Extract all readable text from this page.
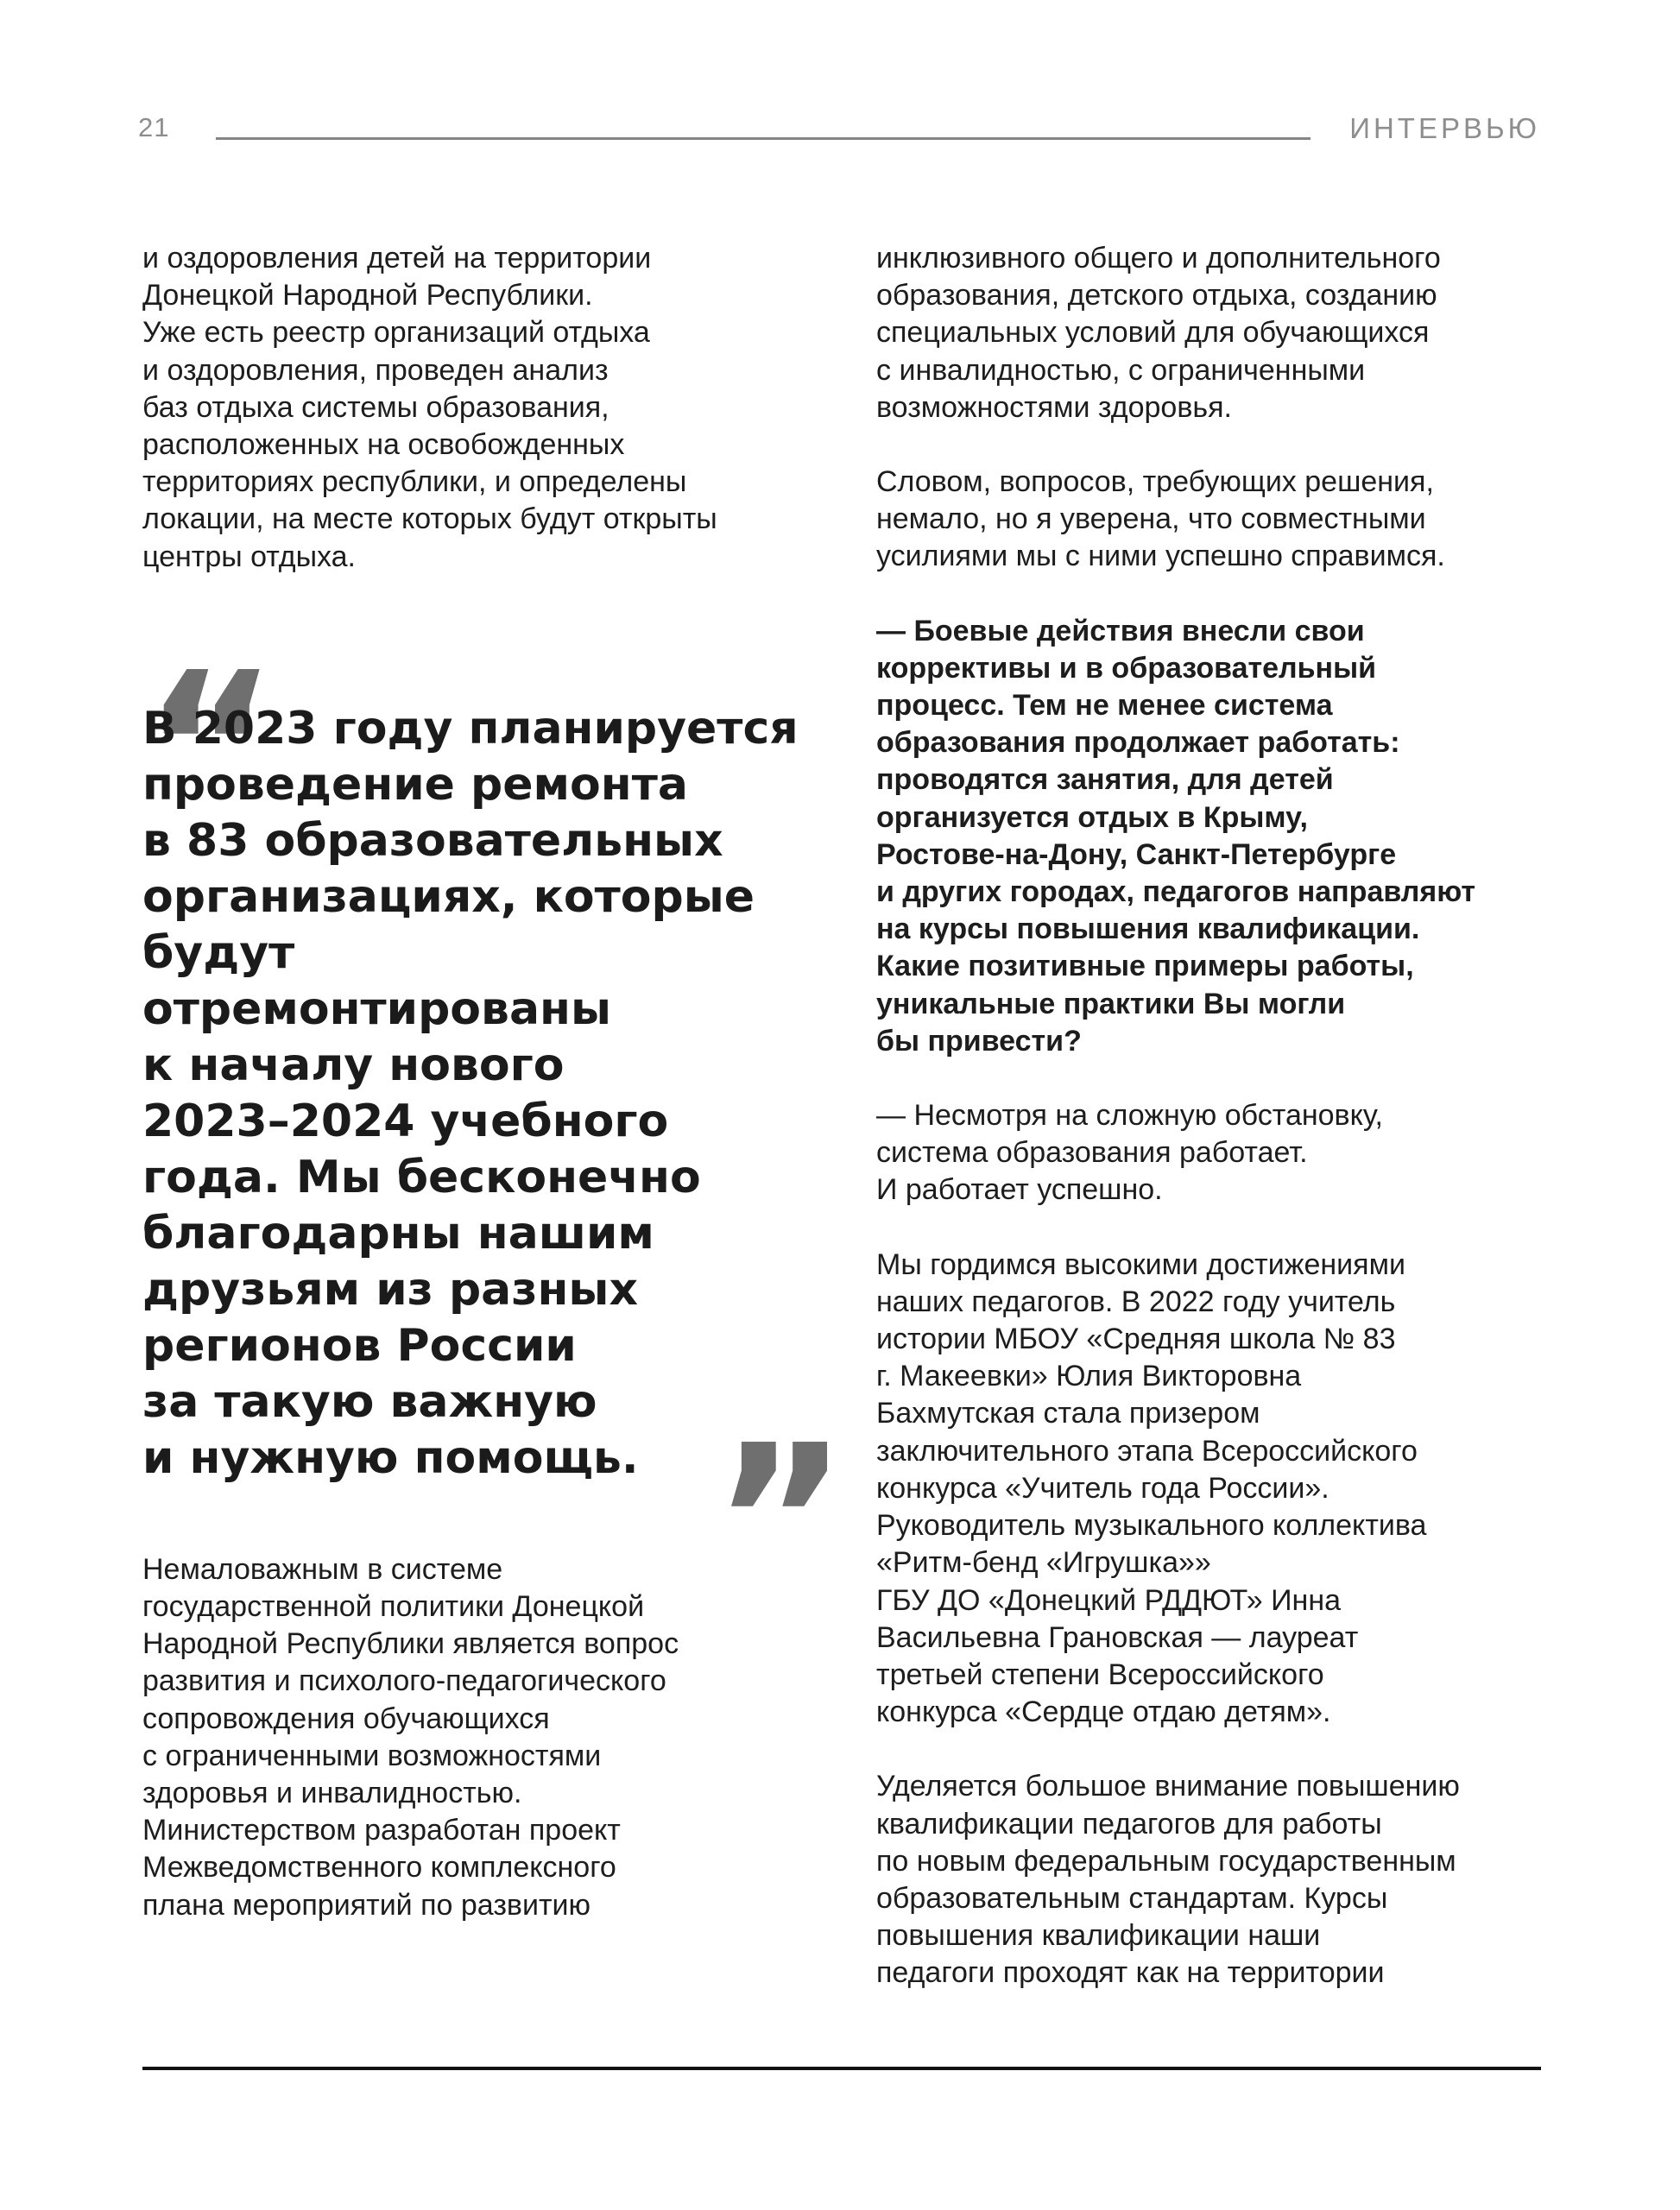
21	ИНТЕРВЬЮ

и оздоровления детей на территории
Донецкой Народной Республики.
Уже есть реестр организаций отдыха
и оздоровления, проведен анализ
баз отдыха системы образования,
расположенных на освобожденных
территориях республики, и определены
локации, на месте которых будут открыты
центры отдыха.

“

В 2023 году планируется
проведение ремонта
в 83 образовательных
организациях, которые
будут
отремонтированы
к началу нового
2023–2024 учебного
года. Мы бесконечно
благодарны нашим
друзьям из разных
регионов России
за такую важную
и нужную помощь. ”

Немаловажным в системе
государственной политики Донецкой
Народной Республики является вопрос
развития и психолого-педагогического
сопровождения обучающихся
с ограниченными возможностями
здоровья и инвалидностью.
Министерством разработан проект
Межведомственного комплексного
плана мероприятий по развитию

инклюзивного общего и дополнительного
образования, детского отдыха, созданию
специальных условий для обучающихся
с инвалидностью, с ограниченными
возможностями здоровья.

Словом, вопросов, требующих решения,
немало, но я уверена, что совместными
усилиями мы с ними успешно справимся.

— Боевые действия внесли свои
коррективы и в образовательный
процесс. Тем не менее система
образования продолжает работать:
проводятся занятия, для детей
организуется отдых в Крыму,
Ростове-на-Дону, Санкт-Петербурге
и других городах, педагогов направляют
на курсы повышения квалификации.
Какие позитивные примеры работы,
уникальные практики Вы могли
бы привести?

— Несмотря на сложную обстановку,
система образования работает.
И работает успешно.

Мы гордимся высокими достижениями
наших педагогов. В 2022 году учитель
истории МБОУ «Средняя школа № 83
г. Макеевки» Юлия Викторовна
Бахмутская стала призером
заключительного этапа Всероссийского
конкурса «Учитель года России».
Руководитель музыкального коллектива
«Ритм-бенд «Игрушка»»
ГБУ ДО «Донецкий РДДЮТ» Инна
Васильевна Грановская — лауреат
третьей степени Всероссийского
конкурса «Сердце отдаю детям».

Уделяется большое внимание повышению
квалификации педагогов для работы
по новым федеральным государственным
образовательным стандартам. Курсы
повышения квалификации наши
педагоги проходят как на территории
